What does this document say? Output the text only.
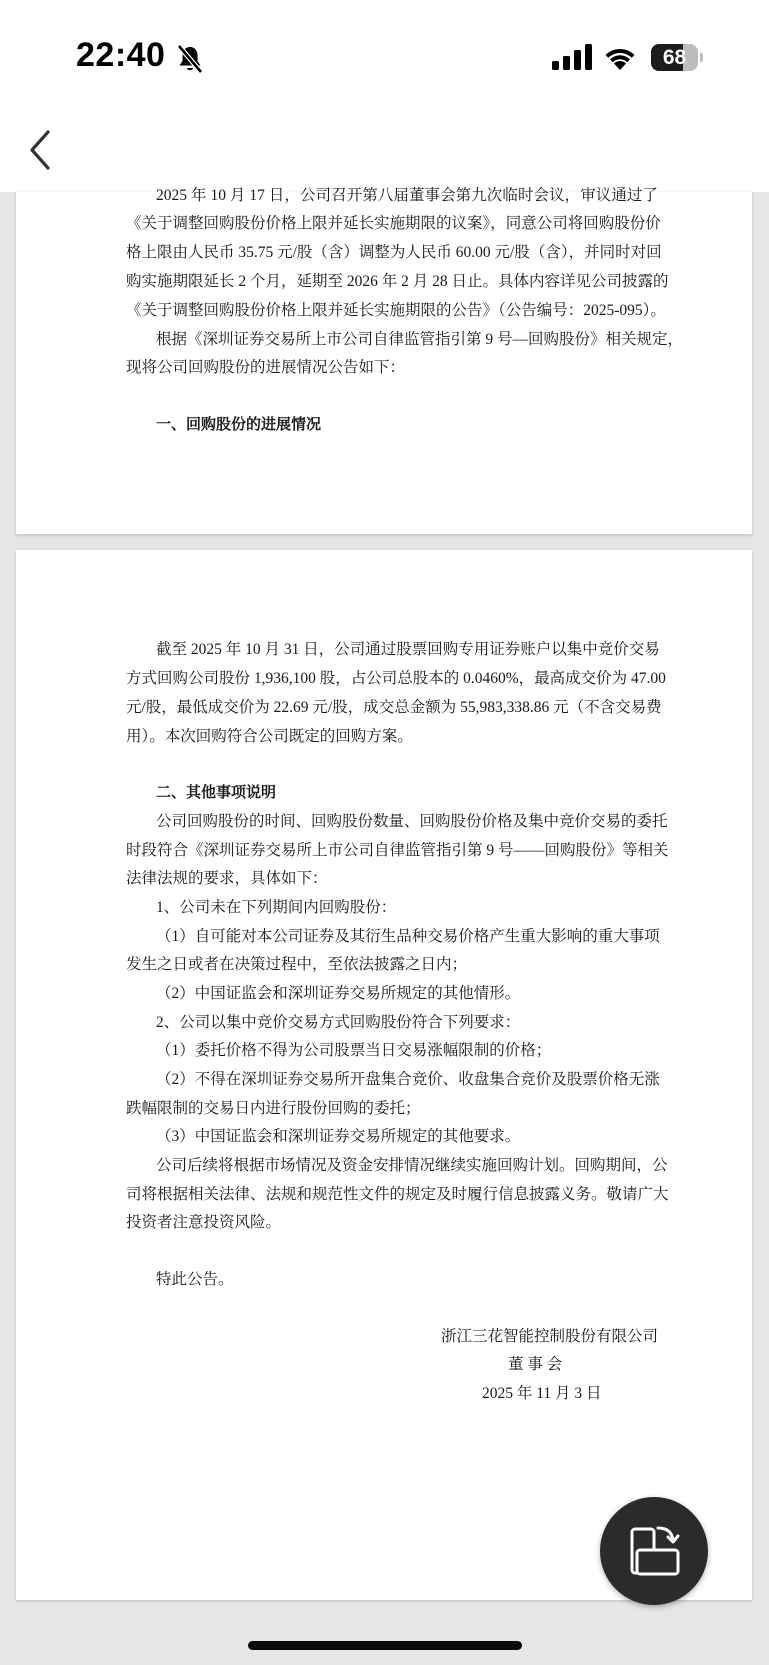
22:40	68
2025 年 10 月 17 日，公司召开第八届董事会第九次临时会议，审议通过了
《关于调整回购股份价格上限并延长实施期限的议案》，同意公司将回购股份价
格上限由人民币 35.75 元/股（含）调整为人民币 60.00 元/股（含），并同时对回
购实施期限延长 2 个月，延期至 2026 年 2 月 28 日止。具体内容详见公司披露的
《关于调整回购股份价格上限并延长实施期限的公告》（公告编号：2025-095）。
根据《深圳证券交易所上市公司自律监管指引第 9 号—回购股份》相关规定，
现将公司回购股份的进展情况公告如下：
一、回购股份的进展情况
截至 2025 年 10 月 31 日，公司通过股票回购专用证券账户以集中竞价交易
方式回购公司股份 1,936,100 股，占公司总股本的 0.0460%，最高成交价为 47.00
元/股，最低成交价为 22.69 元/股，成交总金额为 55,983,338.86 元（不含交易费
用）。本次回购符合公司既定的回购方案。
二、其他事项说明
公司回购股份的时间、回购股份数量、回购股份价格及集中竞价交易的委托
时段符合《深圳证券交易所上市公司自律监管指引第 9 号——回购股份》等相关
法律法规的要求，具体如下：
1、公司未在下列期间内回购股份：
（1）自可能对本公司证券及其衍生品种交易价格产生重大影响的重大事项
发生之日或者在决策过程中，至依法披露之日内；
（2）中国证监会和深圳证券交易所规定的其他情形。
2、公司以集中竞价交易方式回购股份符合下列要求：
（1）委托价格不得为公司股票当日交易涨幅限制的价格；
（2）不得在深圳证券交易所开盘集合竞价、收盘集合竞价及股票价格无涨
跌幅限制的交易日内进行股份回购的委托；
（3）中国证监会和深圳证券交易所规定的其他要求。
公司后续将根据市场情况及资金安排情况继续实施回购计划。回购期间，公
司将根据相关法律、法规和规范性文件的规定及时履行信息披露义务。敬请广大
投资者注意投资风险。
特此公告。
浙江三花智能控制股份有限公司
董 事 会
2025 年 11 月 3 日
